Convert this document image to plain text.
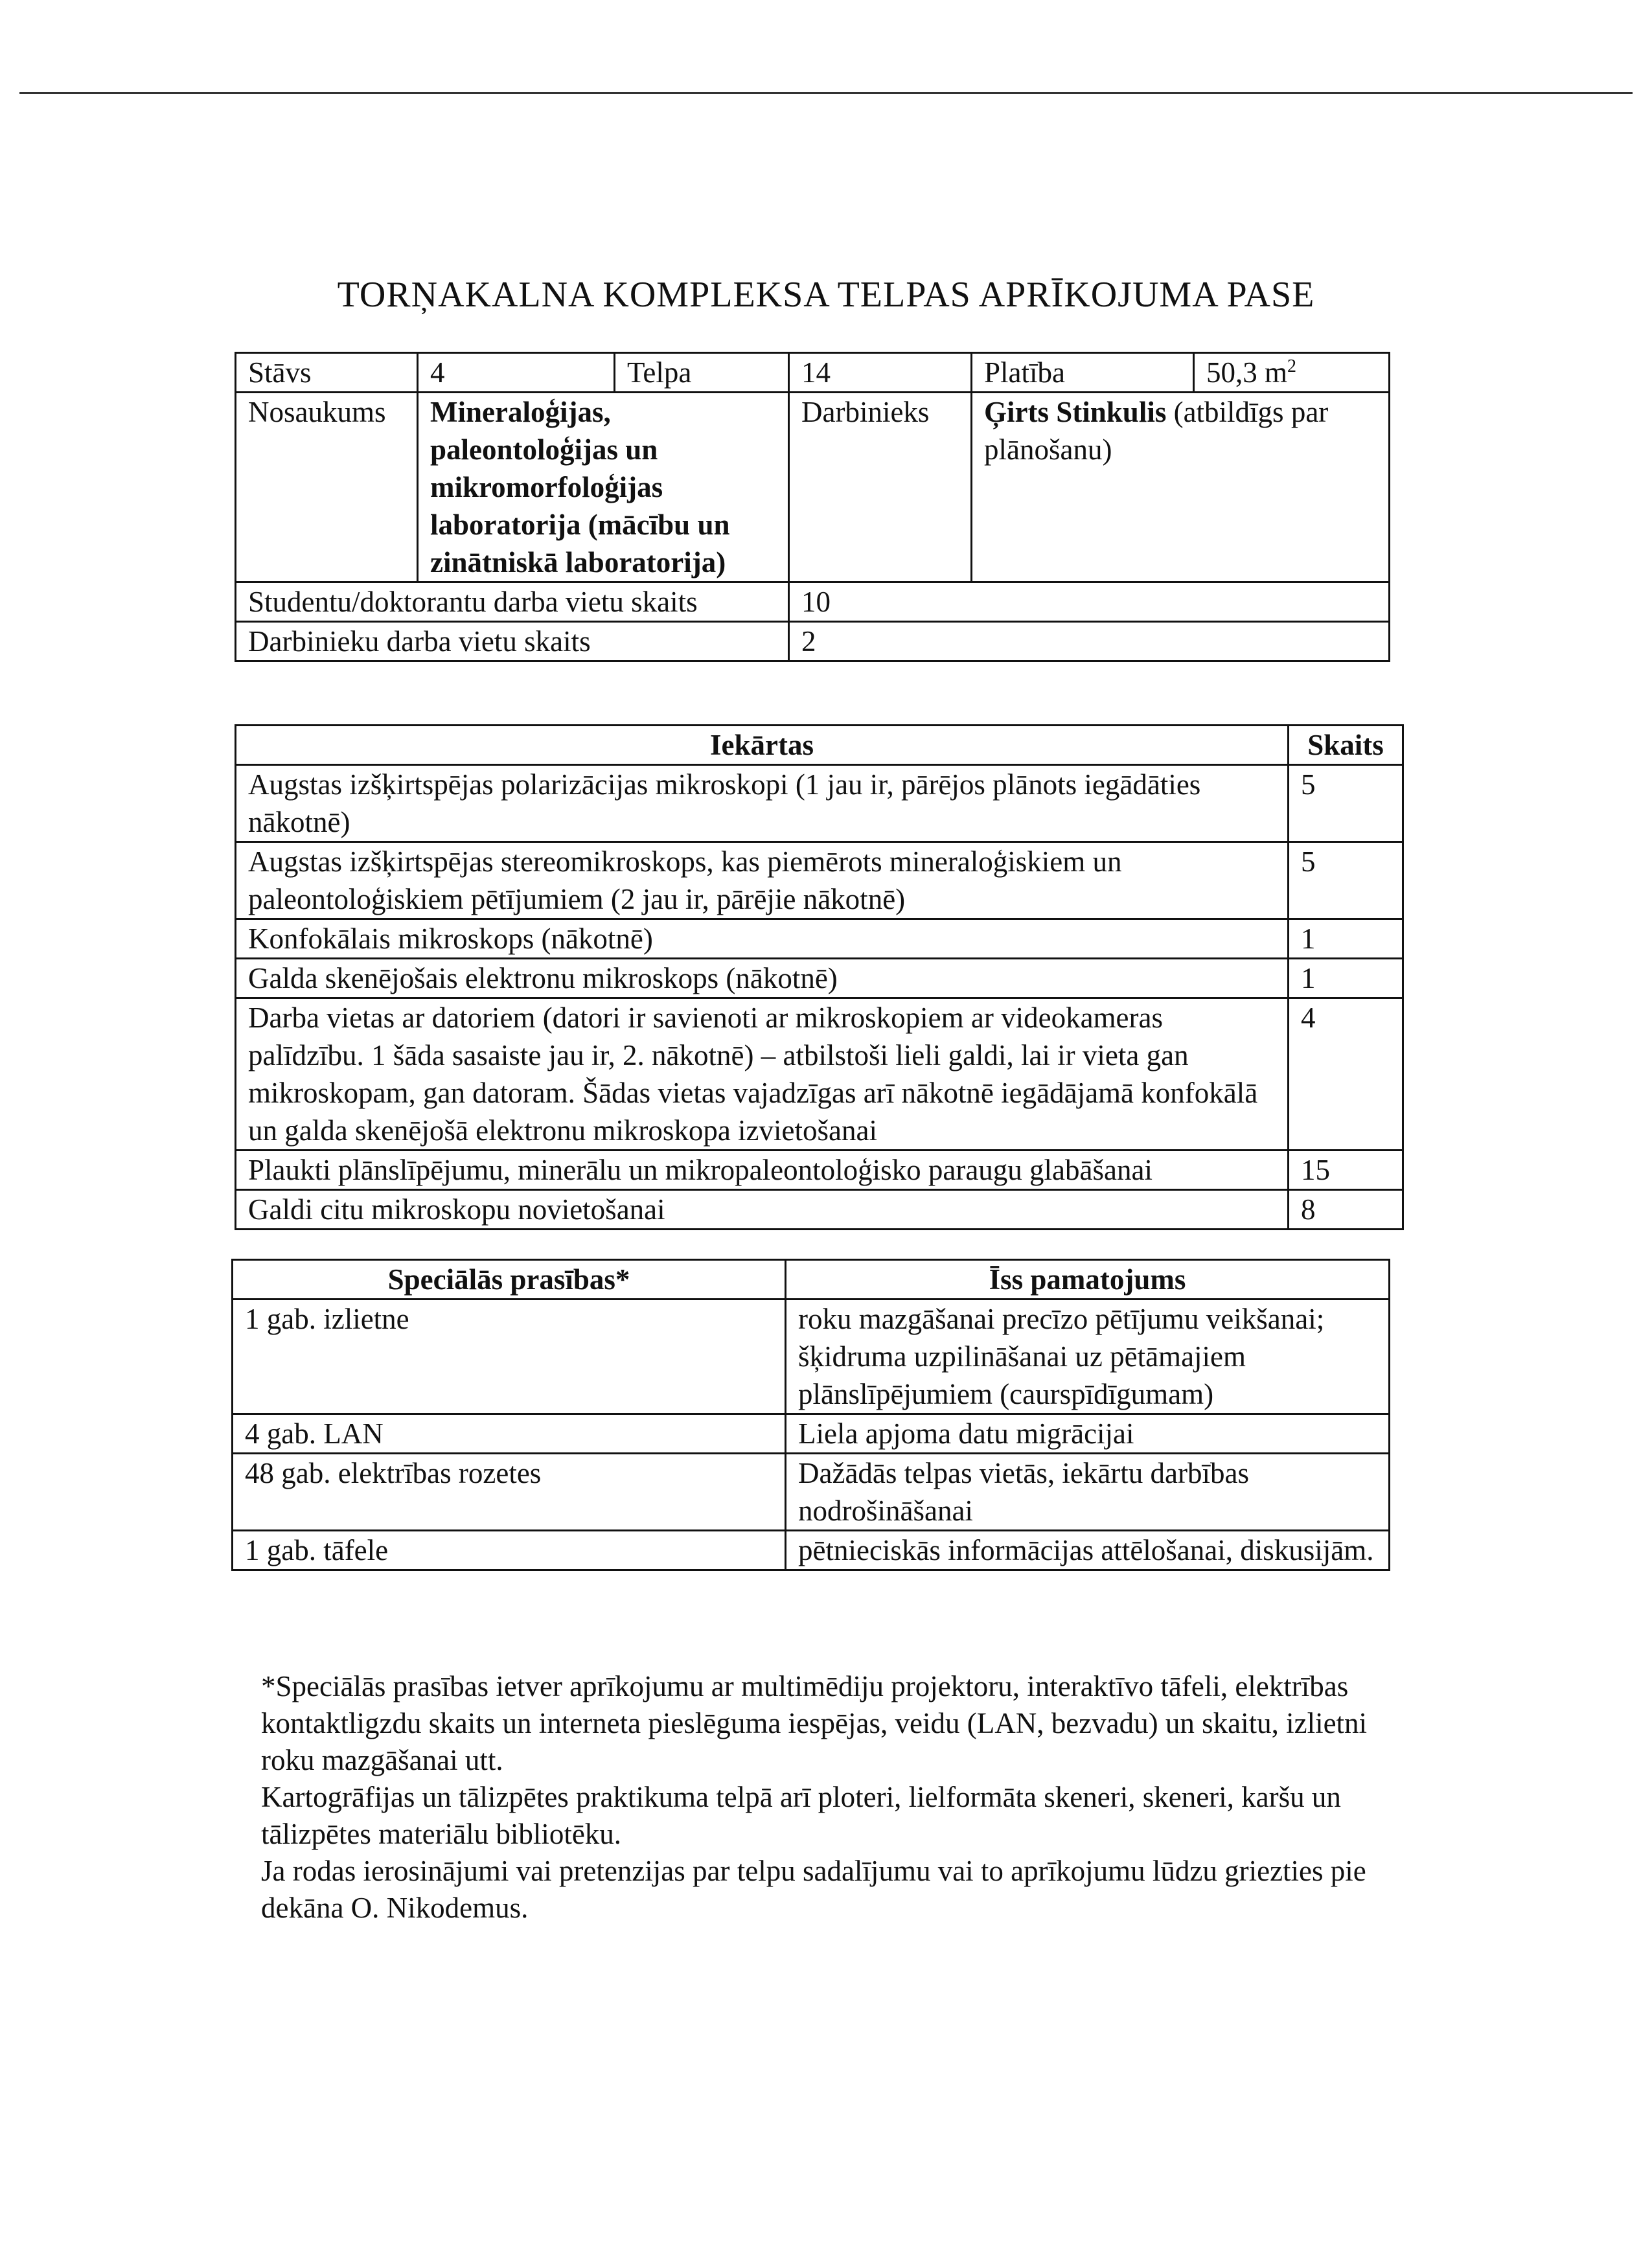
TORŅAKALNA KOMPLEKSA TELPAS APRĪKOJUMA PASE
Stāvs	4	Telpa	14	Platība	50,3 $m^2$
Nosaukums	Mineraloģijas, paleontoloģijas un mikromorfoloģijas laboratorija (mācību un zinātniskā laboratorija)		Darbinieks	Ģirts Stinkulis (atbildīgs par plānošanu)	
Studentu/doktorantu darba vietu skaits			10		
Darbinieku darba vietu skaits			2		
Iekārtas	Skaits
Augstas izšķirtspējas polarizācijas mikroskopi (1 jau ir, pārējos plānots iegādāties nākotnē)	5
Augstas izšķirtspējas stereomikroskops, kas piemērots mineraloģiskiem un paleontoloģiskiem pētījumiem (2 jau ir, pārējie nākotnē)	5
Konfokālais mikroskops (nākotnē)	1
Galda skenējošais elektronu mikroskops (nākotnē)	1
Darba vietas ar datoriem (datori ir savienoti ar mikroskopiem ar videokameras palīdzību. 1 šāda sasaiste jau ir, 2. nākotnē) – atbilstoši lieli galdi, lai ir vieta gan mikroskopam, gan datoram. Šādas vietas vajadzīgas arī nākotnē iegādājamā konfokālā un galda skenējošā elektronu mikroskopa izvietošanai	4
Plaukti plānslīpējumu, minerālu un mikropaleontoloģisko paraugu glabāšanai	15
Galdi citu mikroskopu novietošanai	8
Speciālās prasības*	Īss pamatojums
1 gab. izlietne	roku mazgāšanai precīzo pētījumu veikšanai; šķidruma uzpilināšanai uz pētāmajiem plānslīpējumiem (caurspīdīgumam)
4 gab. LAN	Liela apjoma datu migrācijai
48 gab. elektrības rozetes	Dažādās telpas vietās, iekārtu darbības nodrošināšanai
1 gab. tāfele	pētnieciskās informācijas attēlošanai, diskusijām.

*Speciālās prasības ietver aprīkojumu ar multimēdiju projektoru, interaktīvo tāfeli, elektrības kontaktligzdu skaits un interneta pieslēguma iespējas, veidu (LAN, bezvadu) un skaitu, izlietni roku mazgāšanai utt.

Kartogrāfijas un tālizpētes praktikuma telpā arī ploteri, lielformāta skeneri, skeneri, karšu un tālizpētes materiālu bibliotēku.

Ja rodas ierosinājumi vai pretenzijas par telpu sadalījumu vai to aprīkojumu lūdzu griezties pie dekāna O. Nikodemus.
